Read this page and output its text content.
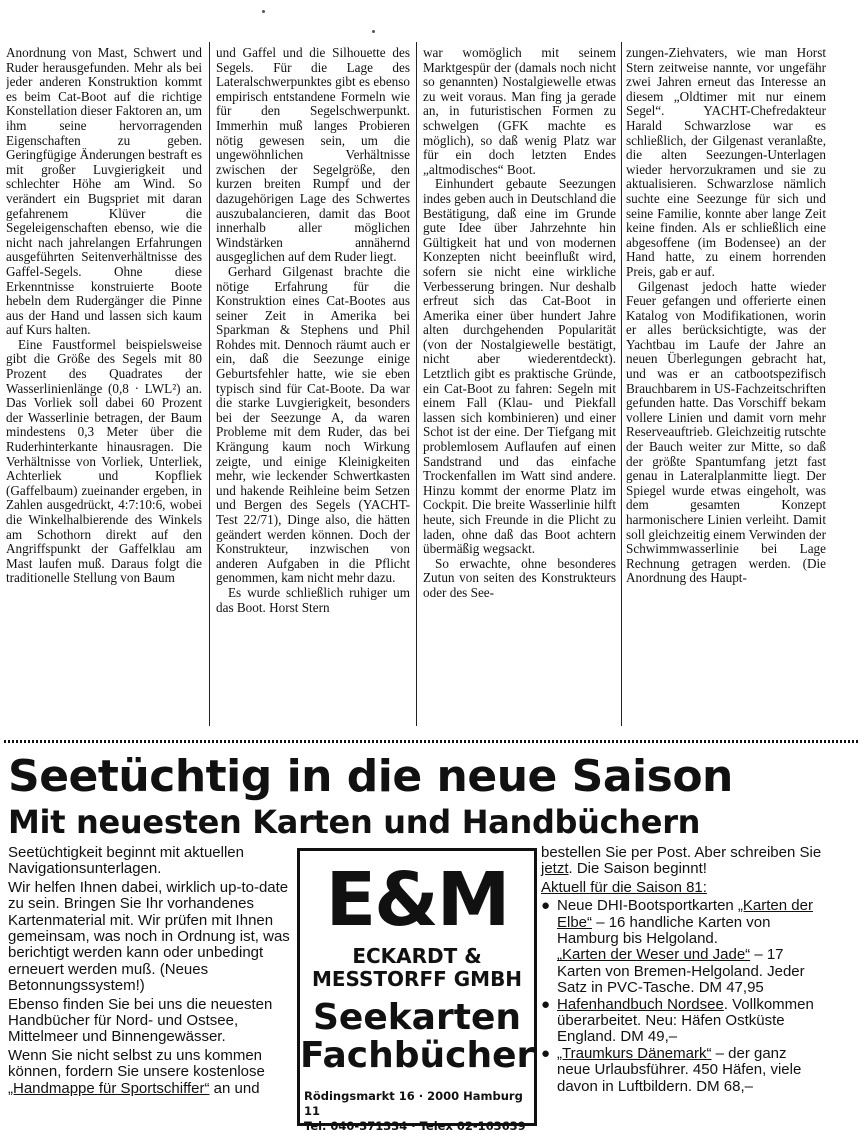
Anordnung von Mast, Schwert und Ruder herausgefunden. Mehr als bei jeder anderen Konstruktion kommt es beim Cat-Boot auf die richtige Konstellation dieser Faktoren an, um ihm seine hervorragenden Eigenschaften zu geben. Geringfügige Änderungen bestraft es mit großer Luvgierigkeit und schlechter Höhe am Wind. So verändert ein Bugspriet mit daran gefahrenem Klüver die Segeleigenschaften ebenso, wie die nicht nach jahrelangen Erfahrungen ausgeführten Seitenverhältnisse des Gaffel-Segels. Ohne diese Erkenntnisse konstruierte Boote hebeln dem Rudergänger die Pinne aus der Hand und lassen sich kaum auf Kurs halten.

Eine Faustformel beispielsweise gibt die Größe des Segels mit 80 Prozent des Quadrates der Wasserlinienlänge (0,8 · LWL²) an. Das Vorliek soll dabei 60 Prozent der Wasserlinie betragen, der Baum mindestens 0,3 Meter über die Ruderhinterkante hinausragen. Die Verhältnisse von Vorliek, Unterliek, Achterliek und Kopfliek (Gaffelbaum) zueinander ergeben, in Zahlen ausgedrückt, 4:7:10:6, wobei die Winkelhalbierende des Winkels am Schothorn direkt auf den Angriffspunkt der Gaffelklau am Mast laufen muß. Daraus folgt die traditionelle Stellung von Baum

und Gaffel und die Silhouette des Segels. Für die Lage des Lateralschwerpunktes gibt es ebenso empirisch entstandene Formeln wie für den Segelschwerpunkt. Immerhin muß langes Probieren nötig gewesen sein, um die ungewöhnlichen Verhältnisse zwischen der Segelgröße, den kurzen breiten Rumpf und der dazugehörigen Lage des Schwertes auszubalancieren, damit das Boot innerhalb aller möglichen Windstärken annähernd ausgeglichen auf dem Ruder liegt.

Gerhard Gilgenast brachte die nötige Erfahrung für die Konstruktion eines Cat-Bootes aus seiner Zeit in Amerika bei Sparkman & Stephens und Phil Rohdes mit. Dennoch räumt auch er ein, daß die Seezunge einige Geburtsfehler hatte, wie sie eben typisch sind für Cat-Boote. Da war die starke Luvgierigkeit, besonders bei der Seezunge A, da waren Probleme mit dem Ruder, das bei Krängung kaum noch Wirkung zeigte, und einige Kleinigkeiten mehr, wie leckender Schwertkasten und hakende Reihleine beim Setzen und Bergen des Segels (YACHT-Test 22/71), Dinge also, die hätten geändert werden können. Doch der Konstrukteur, inzwischen von anderen Aufgaben in die Pflicht genommen, kam nicht mehr dazu.

Es wurde schließlich ruhiger um das Boot. Horst Stern

war womöglich mit seinem Marktgespür der (damals noch nicht so genannten) Nostalgiewelle etwas zu weit voraus. Man fing ja gerade an, in futuristischen Formen zu schwelgen (GFK machte es möglich), so daß wenig Platz war für ein doch letzten Endes „altmodisches“ Boot.

Einhundert gebaute Seezungen indes geben auch in Deutschland die Bestätigung, daß eine im Grunde gute Idee über Jahrzehnte hin Gültigkeit hat und von modernen Konzepten nicht beeinflußt wird, sofern sie nicht eine wirkliche Verbesserung bringen. Nur deshalb erfreut sich das Cat-Boot in Amerika einer über hundert Jahre alten durchgehenden Popularität (von der Nostalgiewelle bestätigt, nicht aber wiederentdeckt). Letztlich gibt es praktische Gründe, ein Cat-Boot zu fahren: Segeln mit einem Fall (Klau- und Piekfall lassen sich kombinieren) und einer Schot ist der eine. Der Tiefgang mit problemlosem Auflaufen auf einen Sandstrand und das einfache Trockenfallen im Watt sind andere. Hinzu kommt der enorme Platz im Cockpit. Die breite Wasserlinie hilft heute, sich Freunde in die Plicht zu laden, ohne daß das Boot achtern übermäßig wegsackt.

So erwachte, ohne besonderes Zutun von seiten des Konstrukteurs oder des See-

zungen-Ziehvaters, wie man Horst Stern zeitweise nannte, vor ungefähr zwei Jahren erneut das Interesse an diesem „Oldtimer mit nur einem Segel“. YACHT-Chefredakteur Harald Schwarzlose war es schließlich, der Gilgenast veranlaßte, die alten Seezungen-Unterlagen wieder hervorzukramen und sie zu aktualisieren. Schwarzlose nämlich suchte eine Seezunge für sich und seine Familie, konnte aber lange Zeit keine finden. Als er schließlich eine abgesoffene (im Bodensee) an der Hand hatte, zu einem horrenden Preis, gab er auf.

Gilgenast jedoch hatte wieder Feuer gefangen und offerierte einen Katalog von Modifikationen, worin er alles berücksichtigte, was der Yachtbau im Laufe der Jahre an neuen Überlegungen gebracht hat, und was er an catbootspezifisch Brauchbarem in US-Fachzeitschriften gefunden hatte. Das Vorschiff bekam vollere Linien und damit vorn mehr Reserveauftrieb. Gleichzeitig rutschte der Bauch weiter zur Mitte, so daß der größte Spantumfang jetzt fast genau in Lateralplanmitte liegt. Der Spiegel wurde etwas eingeholt, was dem gesamten Konzept harmonischere Linien verleiht. Damit soll gleichzeitig einem Verwinden der Schwimmwasserlinie bei Lage Rechnung getragen werden. (Die Anordnung des Haupt-

Seetüchtig in die neue Saison
Mit neuesten Karten und Handbüchern

Seetüchtigkeit beginnt mit aktuellen Navigationsunterlagen.

Wir helfen Ihnen dabei, wirklich up-to-date zu sein. Bringen Sie Ihr vorhandenes Kartenmaterial mit. Wir prüfen mit Ihnen gemeinsam, was noch in Ordnung ist, was berichtigt werden kann oder unbedingt erneuert werden muß. (Neues Betonnungssystem!)

Ebenso finden Sie bei uns die neuesten Handbücher für Nord- und Ostsee, Mittelmeer und Binnengewässer.

Wenn Sie nicht selbst zu uns kommen können, fordern Sie unsere kostenlose „Handmappe für Sportschiffer“ an und

E&M
ECKARDT & MESSTORFF GMBH
Seekarten
Fachbücher
Rödingsmarkt 16 · 2000 Hamburg 11
Tel. 040-371334 · Telex 02-163639

bestellen Sie per Post. Aber schreiben Sie jetzt. Die Saison beginnt!

Aktuell für die Saison 81:

● Neue DHI-Bootsportkarten „Karten der Elbe“ – 16 handliche Karten von Hamburg bis Helgoland.
„Karten der Weser und Jade“ – 17 Karten von Bremen-Helgoland. Jeder Satz in PVC-Tasche. DM 47,95
● Hafenhandbuch Nordsee. Vollkommen überarbeitet. Neu: Häfen Ostküste England. DM 49,–
● „Traumkurs Dänemark“ – der ganz neue Urlaubsführer. 450 Häfen, viele davon in Luftbildern. DM 68,–
